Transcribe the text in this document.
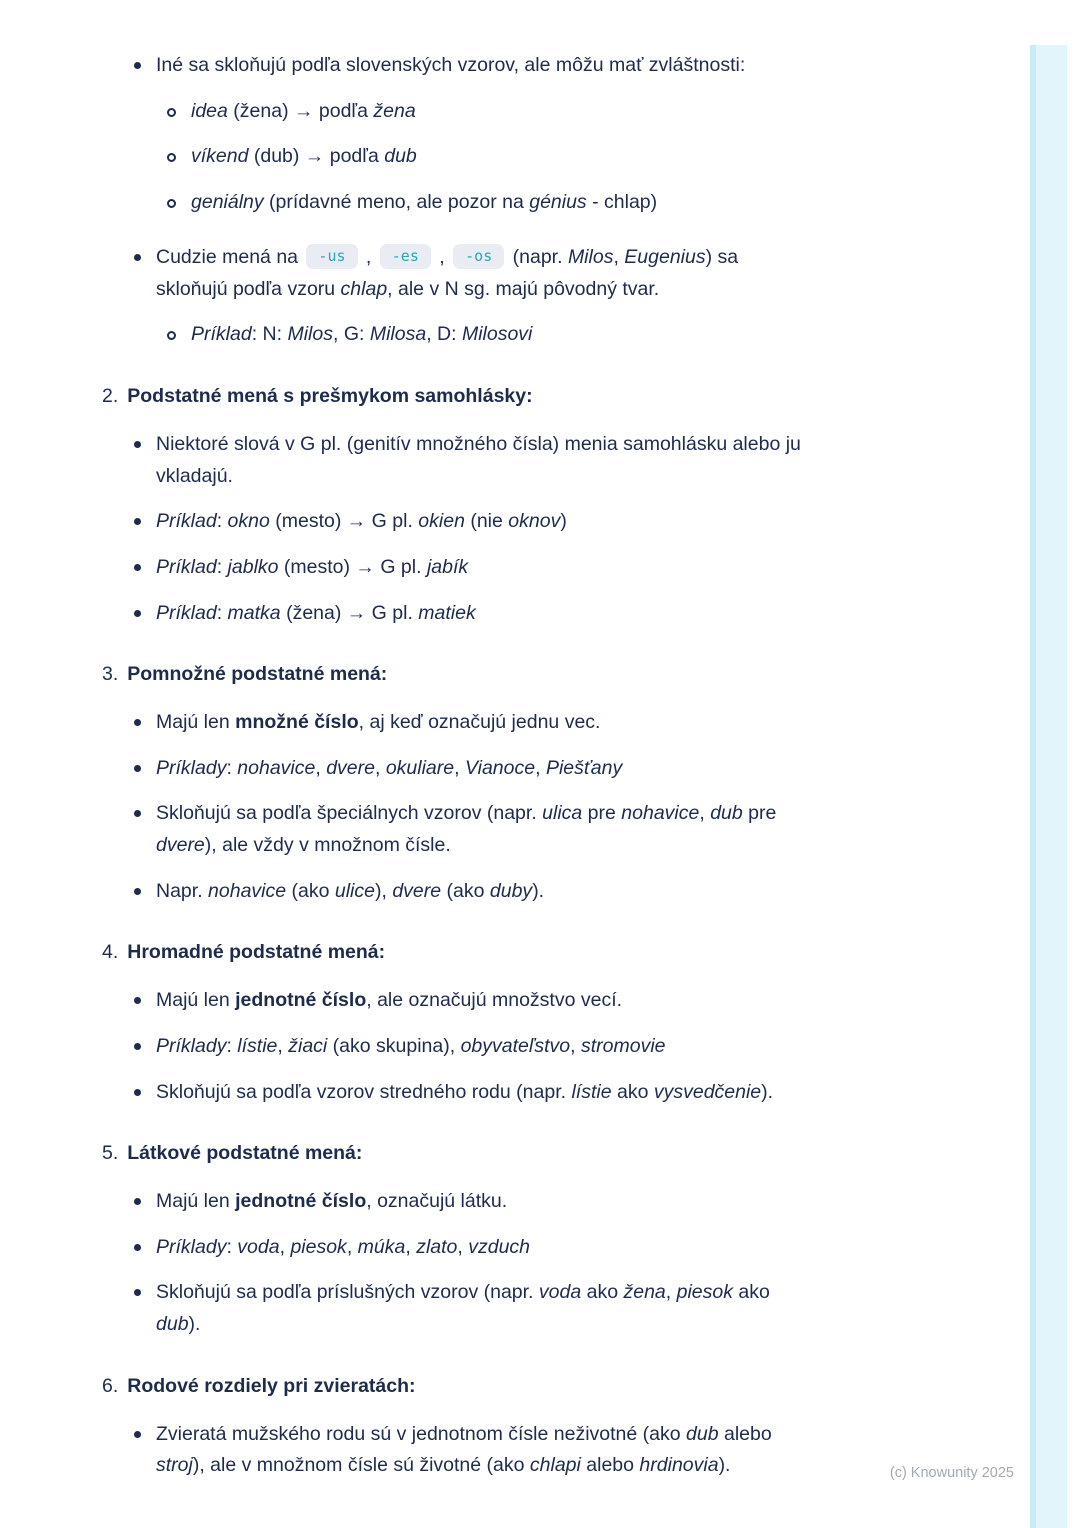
Iné sa skloňujú podľa slovenských vzorov, ale môžu mať zvláštnosti:
idea (žena) → podľa žena
víkend (dub) → podľa dub
geniálny (prídavné meno, ale pozor na génius - chlap)
Cudzie mená na -us , -es , -os (napr. Milos, Eugenius) sa skloňujú podľa vzoru chlap, ale v N sg. majú pôvodný tvar.
Príklad: N: Milos, G: Milosa, D: Milosovi
2. Podstatné mená s prešmykom samohlásky:
Niektoré slová v G pl. (genitív množného čísla) menia samohlásku alebo ju vkladajú.
Príklad: okno (mesto) → G pl. okien (nie oknov)
Príklad: jablko (mesto) → G pl. jabík
Príklad: matka (žena) → G pl. matiek
3. Pomnožné podstatné mená:
Majú len množné číslo, aj keď označujú jednu vec.
Príklady: nohavice, dvere, okuliare, Vianoce, Piešťany
Skloňujú sa podľa špeciálnych vzorov (napr. ulica pre nohavice, dub pre dvere), ale vždy v množnom čísle.
Napr. nohavice (ako ulice), dvere (ako duby).
4. Hromadné podstatné mená:
Majú len jednotné číslo, ale označujú množstvo vecí.
Príklady: lístie, žiaci (ako skupina), obyvateľstvo, stromovie
Skloňujú sa podľa vzorov stredného rodu (napr. lístie ako vysvedčenie).
5. Látkové podstatné mená:
Majú len jednotné číslo, označujú látku.
Príklady: voda, piesok, múka, zlato, vzduch
Skloňujú sa podľa príslušných vzorov (napr. voda ako žena, piesok ako dub).
6. Rodové rozdiely pri zvieratách:
Zvieratá mužského rodu sú v jednotnom čísle neživotné (ako dub alebo stroj), ale v množnom čísle sú životné (ako chlapi alebo hrdinovia).	(c) Knowunity 2025
